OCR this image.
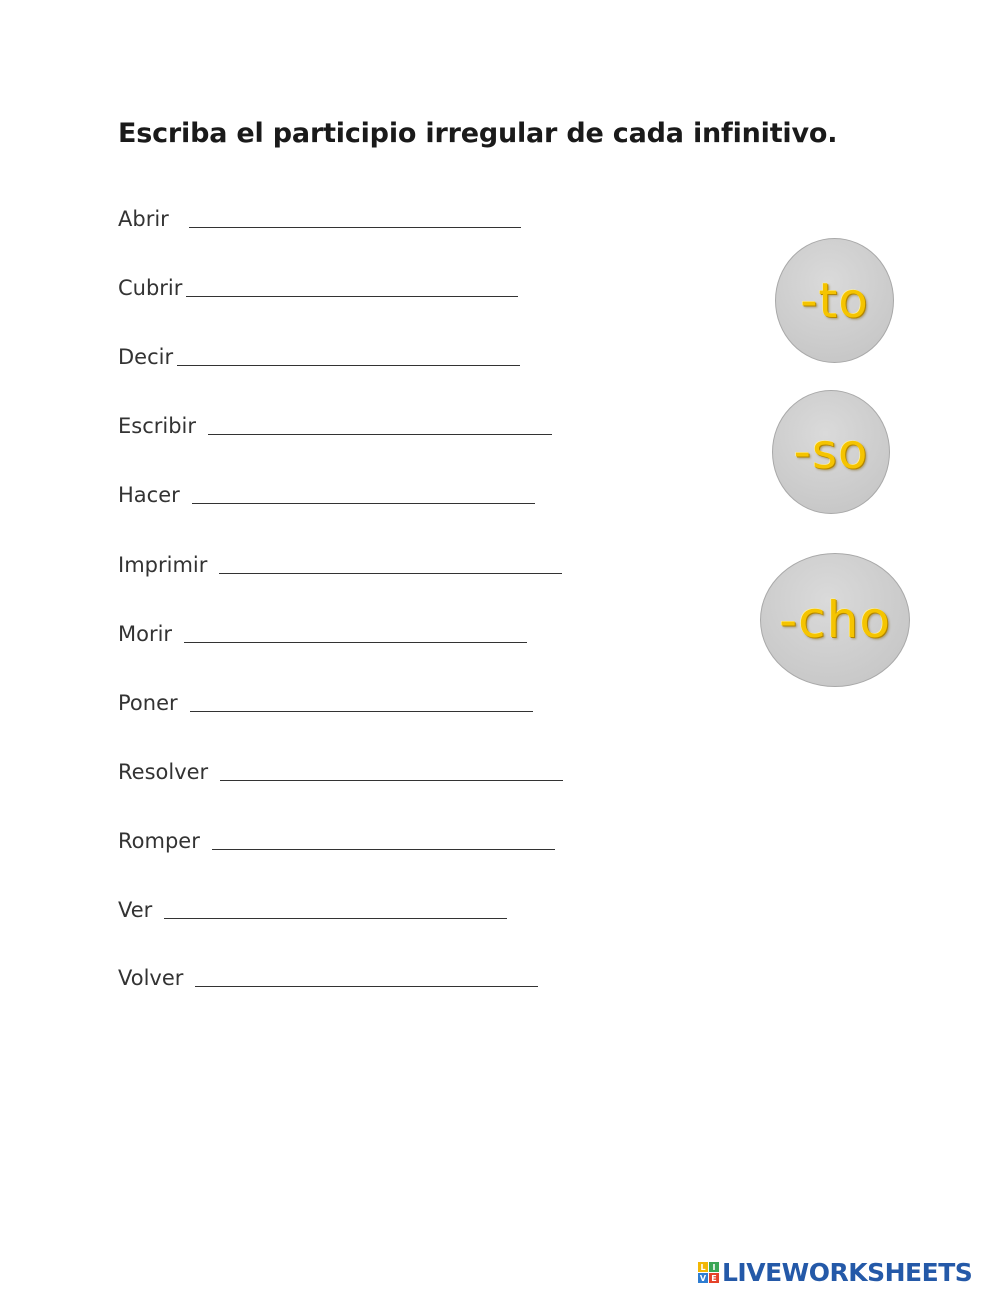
Escriba el participio irregular de cada infinitivo.
Abrir
Cubrir
Decir
Escribir
Hacer
Imprimir
Morir
Poner
Resolver
Romper
Ver
Volver
-to
-so
-cho
L I
V E LIVEWORKSHEETS
